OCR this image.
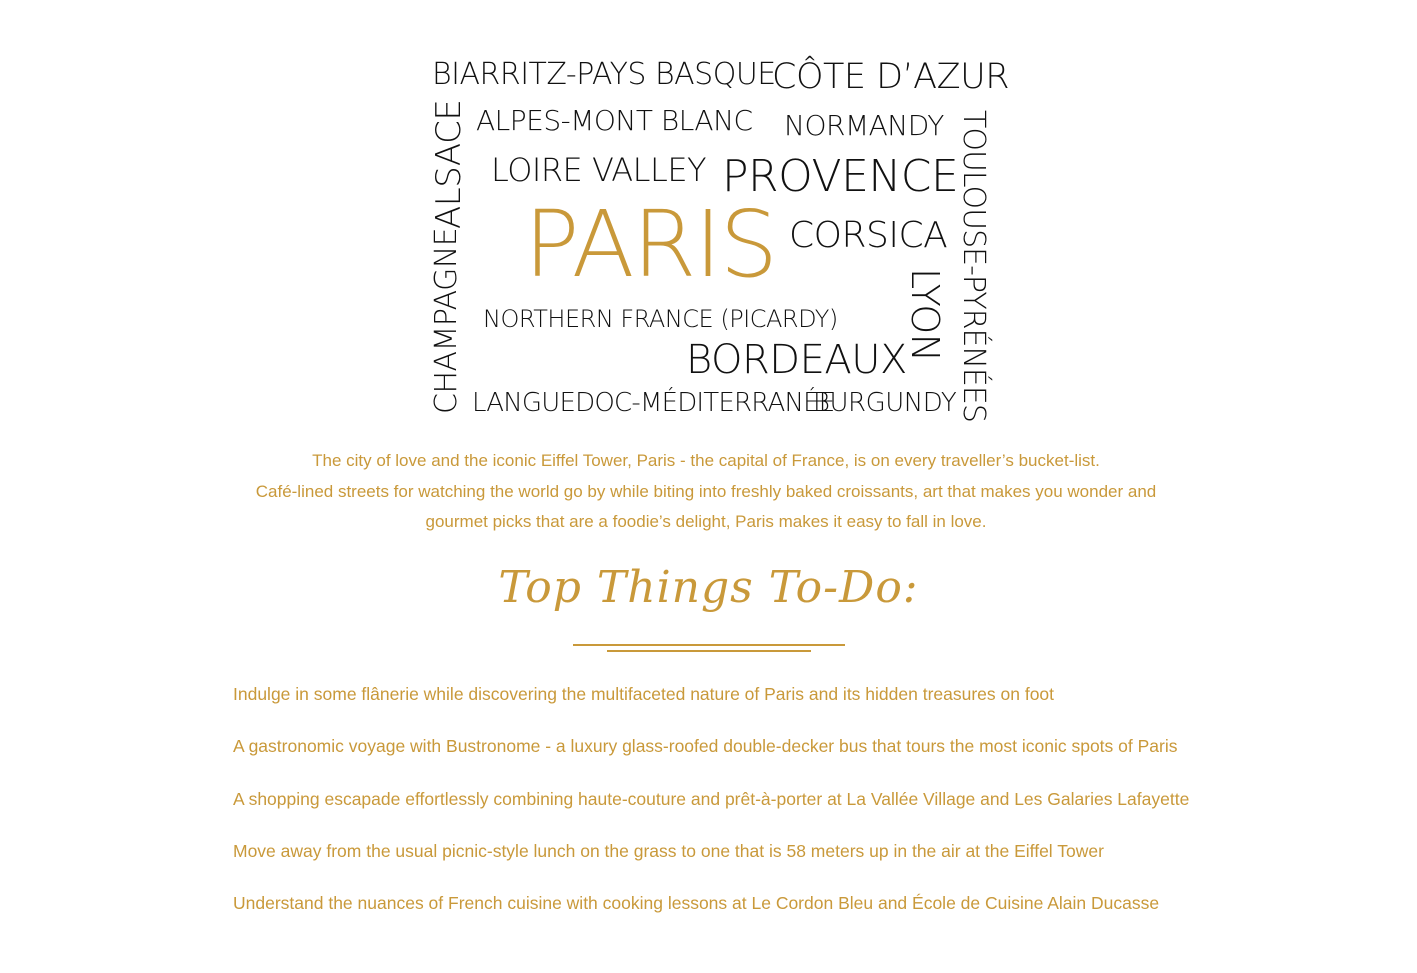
BIARRITZ-PAYS BASQUE
CÔTE D’AZUR
ALPES-MONT BLANC NORMANDY
LOIRE VALLEY PROVENCE
ALSACE
PARIS CORSICA
CHAMPAGNE NORTHERN FRANCE (PICARDY)
BORDEAUX
LYON TOULOUSE-PYRÉNÉES
LANGUEDOC-MÉDITERRANÉE
BURGUNDY
The city of love and the iconic Eiffel Tower, Paris - the capital of France, is on every traveller’s bucket-list.
Café-lined streets for watching the world go by while biting into freshly baked croissants, art that makes you wonder and
gourmet picks that are a foodie’s delight, Paris makes it easy to fall in love.
Top Things To-Do:
Indulge in some flânerie while discovering the multifaceted nature of Paris and its hidden treasures on foot
A gastronomic voyage with Bustronome - a luxury glass-roofed double-decker bus that tours the most iconic spots of Paris
A shopping escapade effortlessly combining haute-couture and prêt-à-porter at La Vallée Village and Les Galaries Lafayette
Move away from the usual picnic-style lunch on the grass to one that is 58 meters up in the air at the Eiffel Tower
Understand the nuances of French cuisine with cooking lessons at Le Cordon Bleu and École de Cuisine Alain Ducasse
